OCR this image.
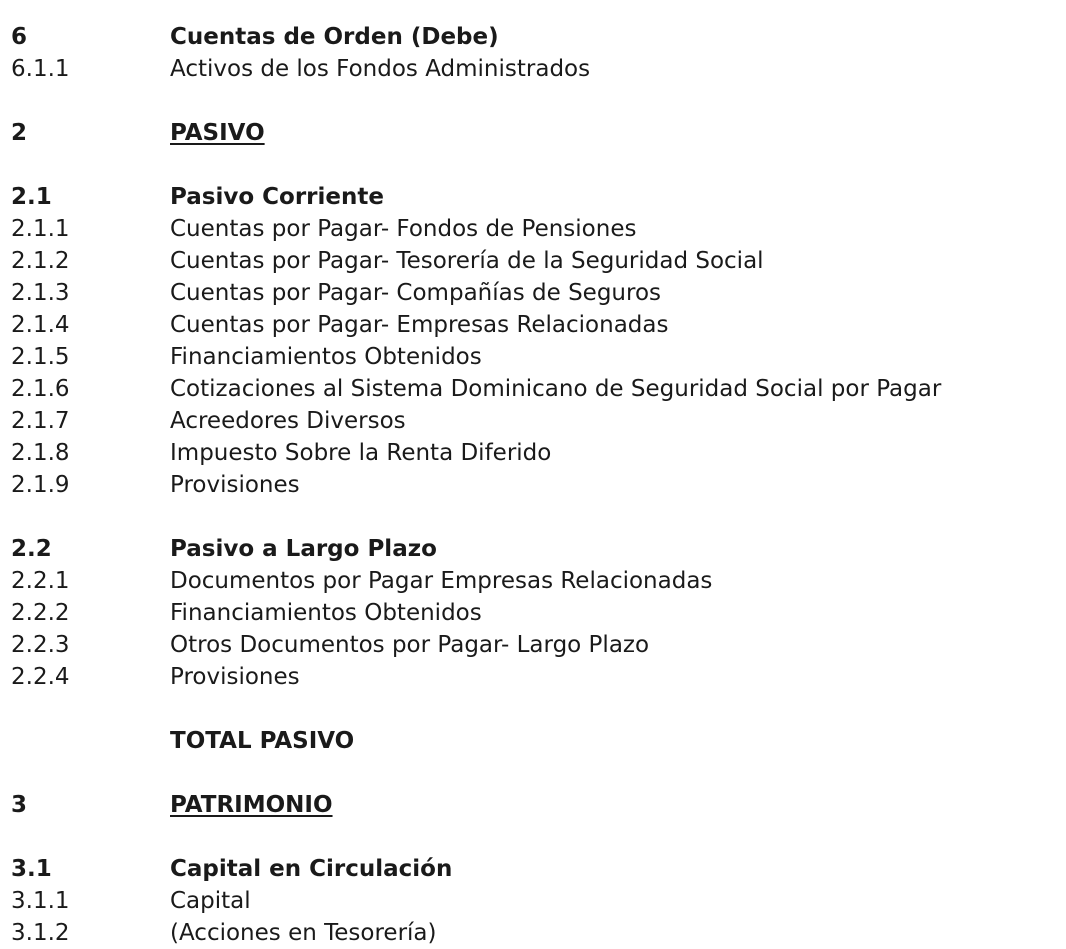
6	Cuentas de Orden (Debe)
6.1.1	Activos de los Fondos Administrados
2	PASIVO
2.1	Pasivo Corriente
2.1.1	Cuentas por Pagar- Fondos de Pensiones
2.1.2	Cuentas por Pagar- Tesorería de la Seguridad Social
2.1.3	Cuentas por Pagar- Compañías de Seguros
2.1.4	Cuentas por Pagar- Empresas Relacionadas
2.1.5	Financiamientos Obtenidos
2.1.6	Cotizaciones al Sistema Dominicano de Seguridad Social por Pagar
2.1.7	Acreedores Diversos
2.1.8	Impuesto Sobre la Renta Diferido
2.1.9	Provisiones
2.2	Pasivo a Largo Plazo
2.2.1	Documentos por Pagar Empresas Relacionadas
2.2.2	Financiamientos Obtenidos
2.2.3	Otros Documentos por Pagar- Largo Plazo
2.2.4	Provisiones
TOTAL PASIVO
3	PATRIMONIO
3.1	Capital en Circulación
3.1.1	Capital
3.1.2	(Acciones en Tesorería)
